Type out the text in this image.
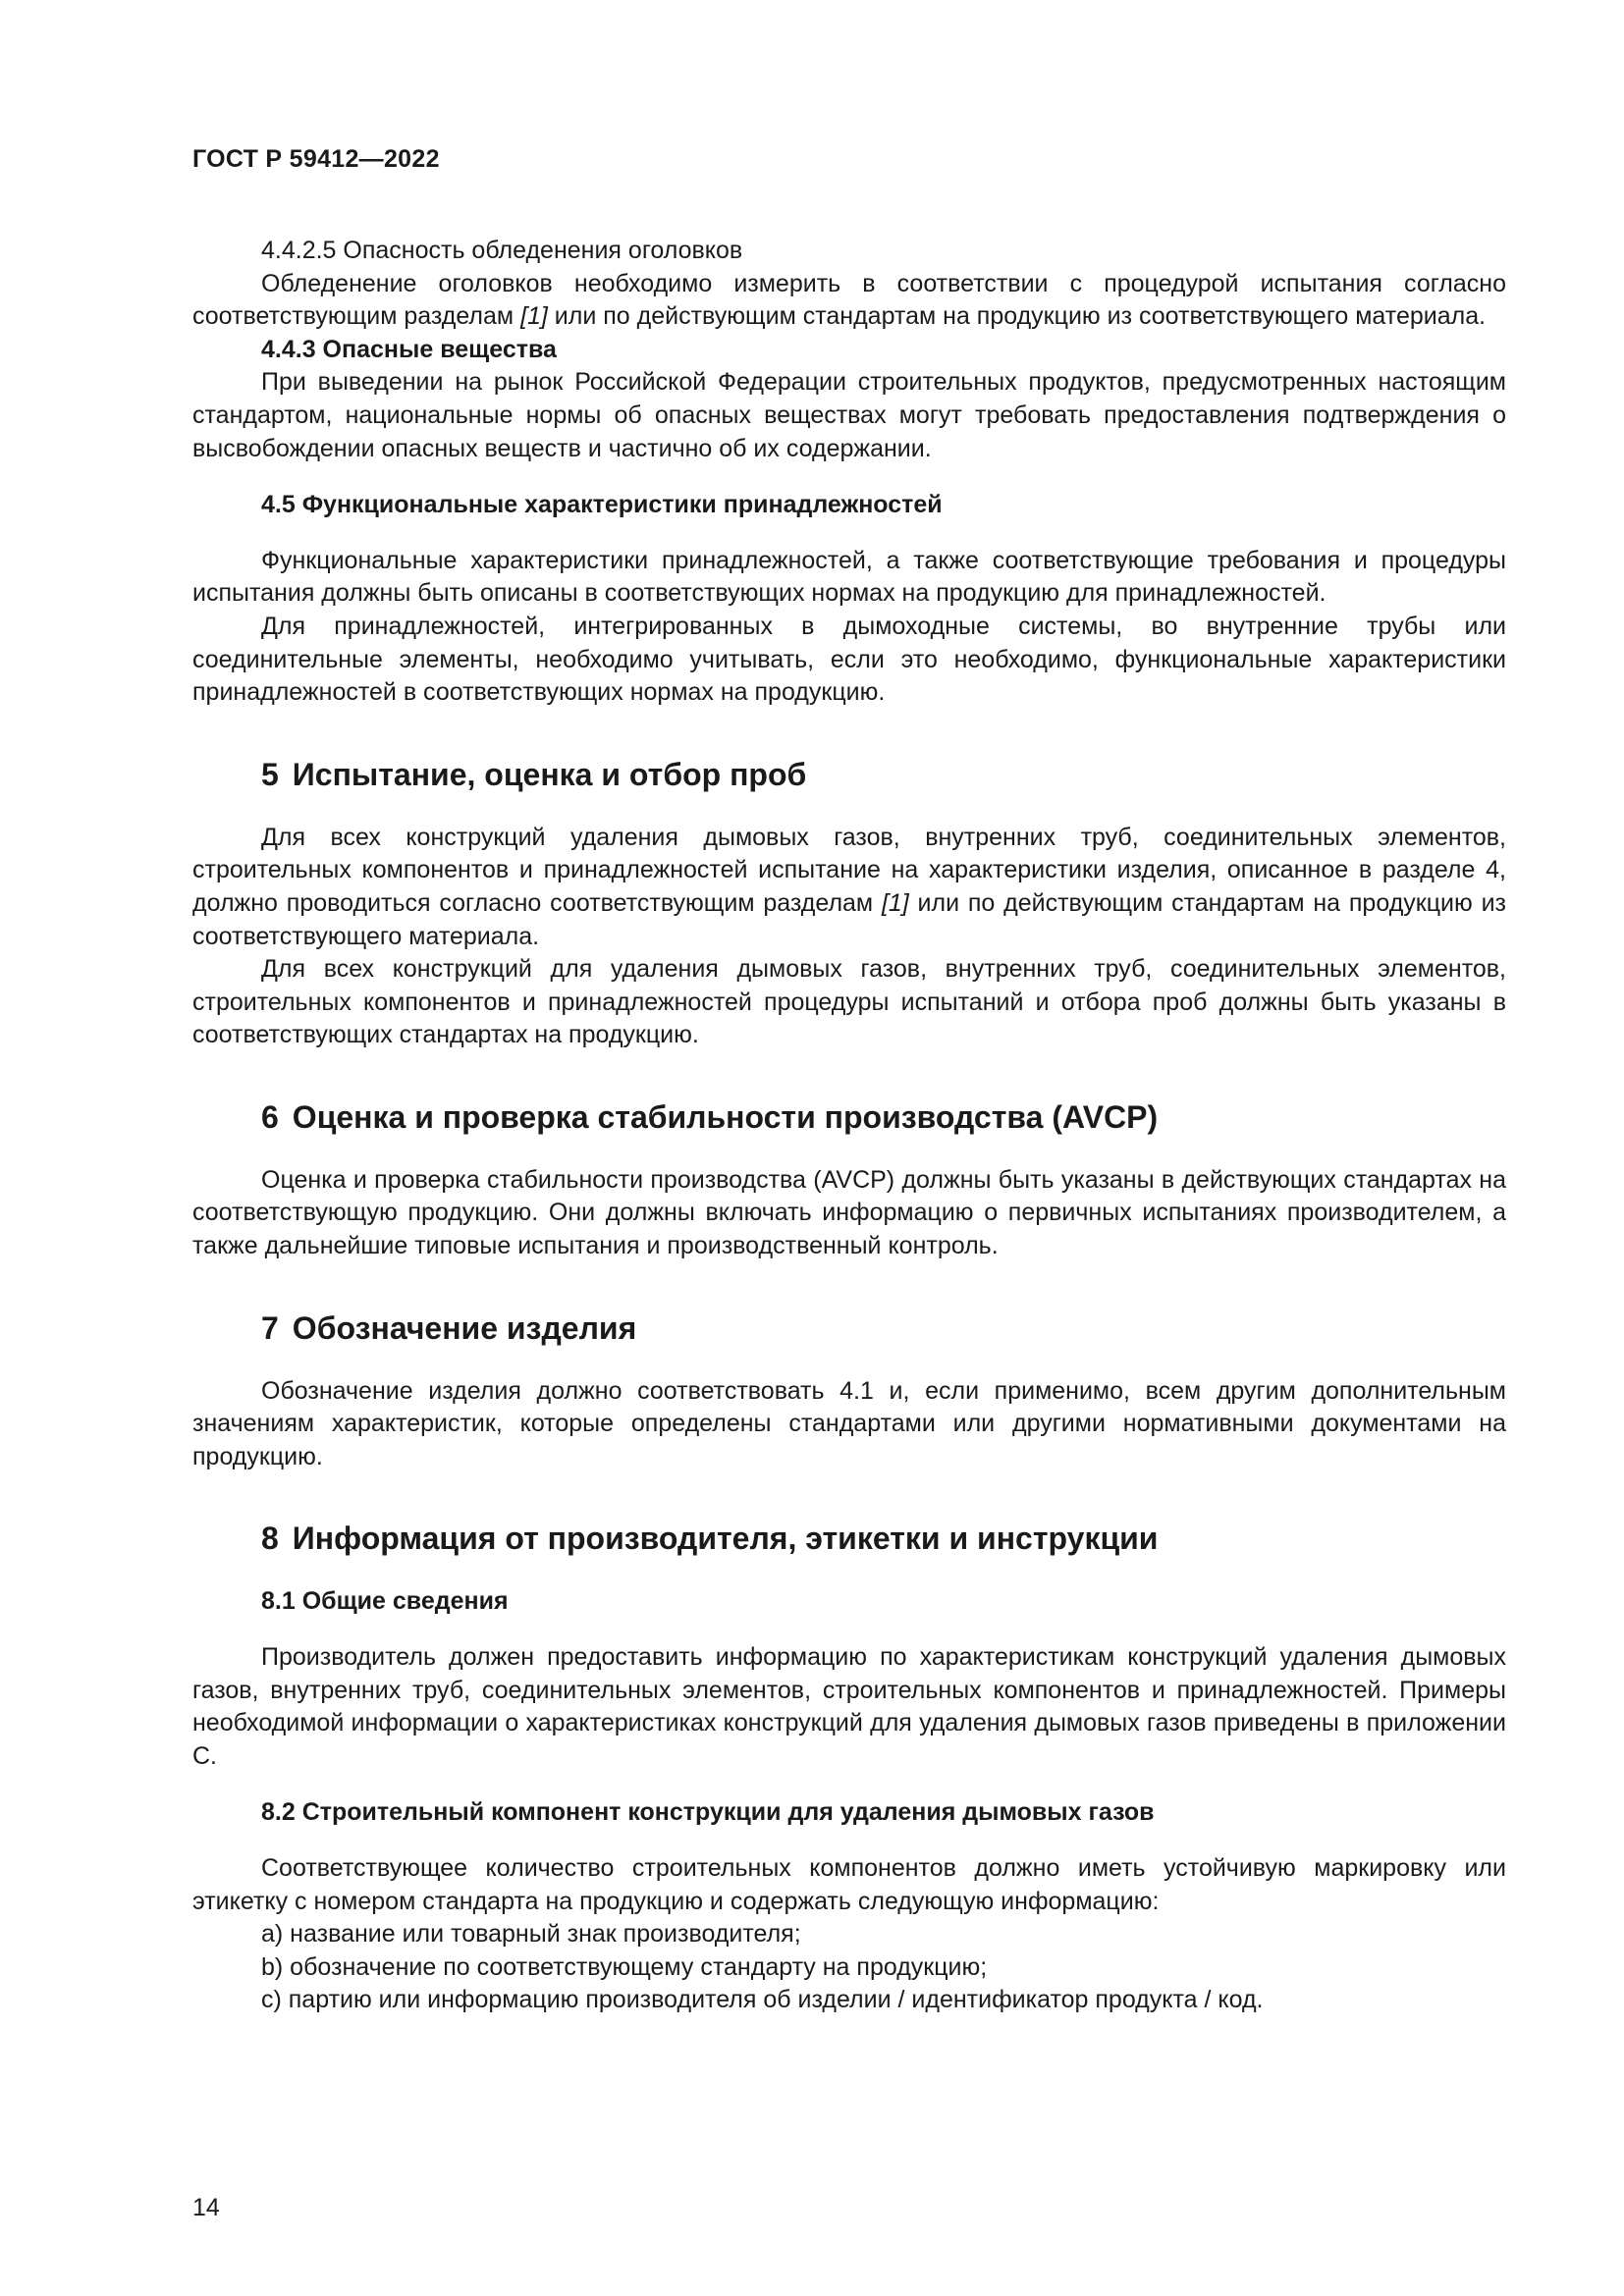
ГОСТ Р 59412—2022

4.4.2.5 Опасность обледенения оголовков

Обледенение оголовков необходимо измерить в соответствии с процедурой испытания согласно соответствующим разделам [1] или по действующим стандартам на продукцию из соответствующего материала.

4.4.3 Опасные вещества

При выведении на рынок Российской Федерации строительных продуктов, предусмотренных настоящим стандартом, национальные нормы об опасных веществах могут требовать предоставления подтверждения о высвобождении опасных веществ и частично об их содержании.

4.5 Функциональные характеристики принадлежностей

Функциональные характеристики принадлежностей, а также соответствующие требования и процедуры испытания должны быть описаны в соответствующих нормах на продукцию для принадлежностей.

Для принадлежностей, интегрированных в дымоходные системы, во внутренние трубы или соединительные элементы, необходимо учитывать, если это необходимо, функциональные характеристики принадлежностей в соответствующих нормах на продукцию.

5 Испытание, оценка и отбор проб

Для всех конструкций удаления дымовых газов, внутренних труб, соединительных элементов, строительных компонентов и принадлежностей испытание на характеристики изделия, описанное в разделе 4, должно проводиться согласно соответствующим разделам [1] или по действующим стандартам на продукцию из соответствующего материала.

Для всех конструкций для удаления дымовых газов, внутренних труб, соединительных элементов, строительных компонентов и принадлежностей процедуры испытаний и отбора проб должны быть указаны в соответствующих стандартах на продукцию.

6 Оценка и проверка стабильности производства (AVCP)

Оценка и проверка стабильности производства (AVCP) должны быть указаны в действующих стандартах на соответствующую продукцию. Они должны включать информацию о первичных испытаниях производителем, а также дальнейшие типовые испытания и производственный контроль.

7 Обозначение изделия

Обозначение изделия должно соответствовать 4.1 и, если применимо, всем другим дополнительным значениям характеристик, которые определены стандартами или другими нормативными документами на продукцию.

8 Информация от производителя, этикетки и инструкции
8.1 Общие сведения

Производитель должен предоставить информацию по характеристикам конструкций удаления дымовых газов, внутренних труб, соединительных элементов, строительных компонентов и принадлежностей. Примеры необходимой информации о характеристиках конструкций для удаления дымовых газов приведены в приложении С.

8.2 Строительный компонент конструкции для удаления дымовых газов

Соответствующее количество строительных компонентов должно иметь устойчивую маркировку или этикетку с номером стандарта на продукцию и содержать следующую информацию:

a) название или товарный знак производителя;

b) обозначение по соответствующему стандарту на продукцию;

c) партию или информацию производителя об изделии / идентификатор продукта / код.

14
